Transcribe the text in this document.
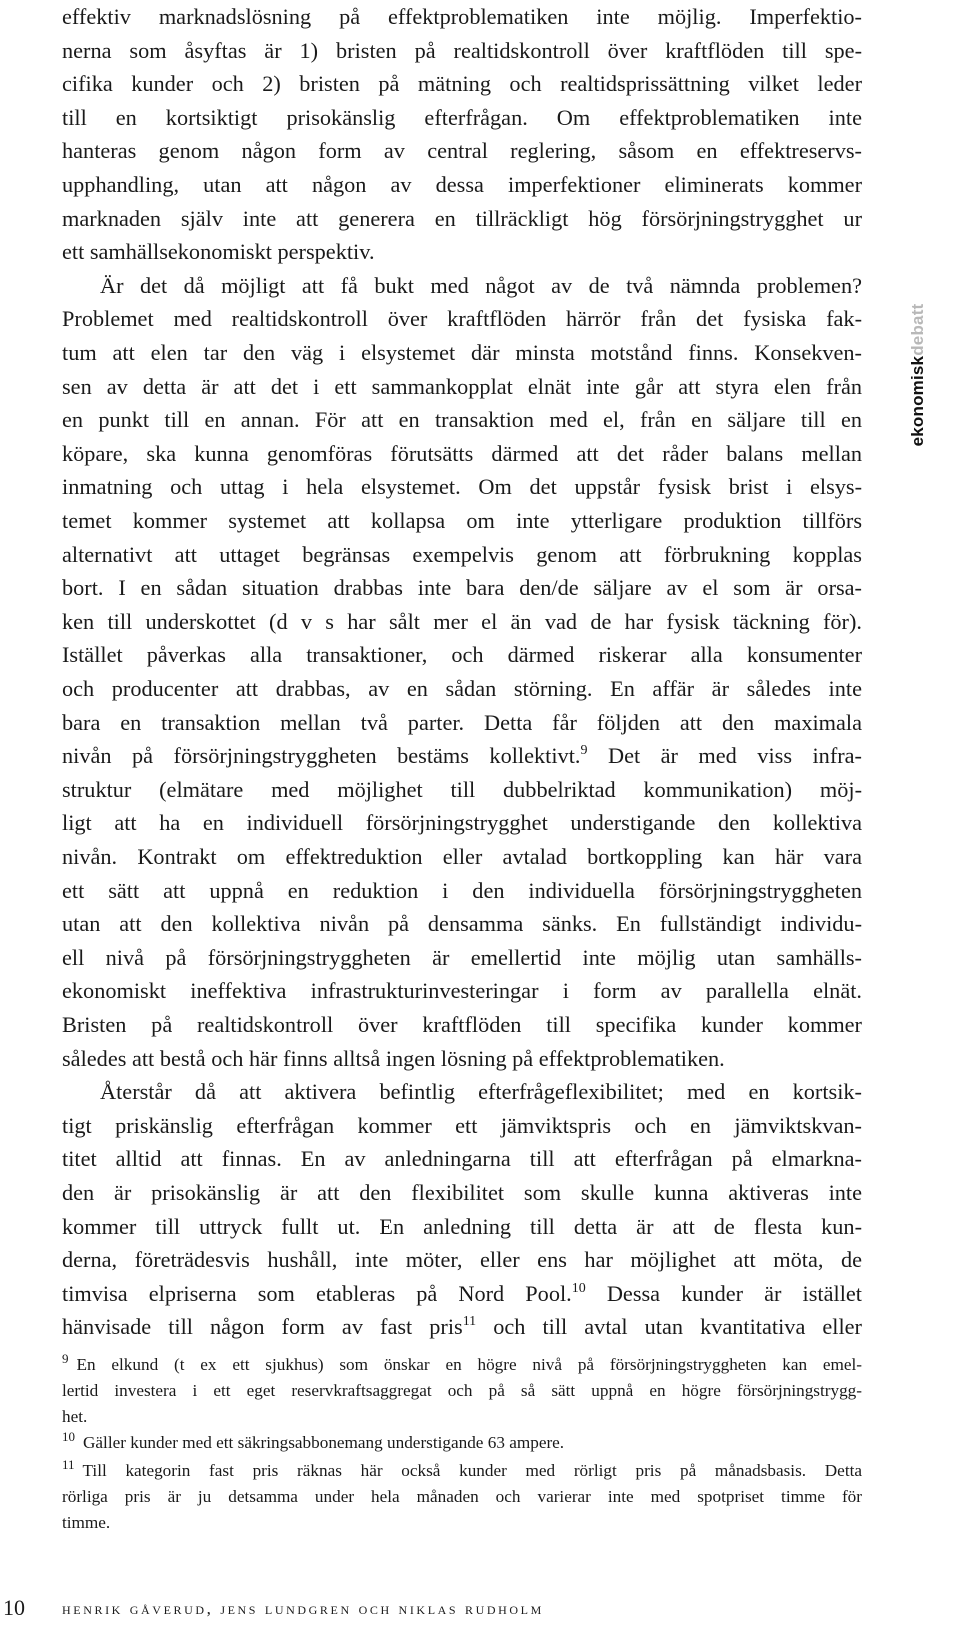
effektiv marknadslösning på effektproblematiken inte möjlig. Imperfektio-
nerna som åsyftas är 1) bristen på realtidskontroll över kraftflöden till spe-
cifika kunder och 2) bristen på mätning och realtidsprissättning vilket leder
till en kortsiktigt prisokänslig efterfrågan. Om effektproblematiken inte
hanteras genom någon form av central reglering, såsom en effektreservs-
upphandling, utan att någon av dessa imperfektioner eliminerats kommer
marknaden själv inte att generera en tillräckligt hög försörjningstrygghet ur
ett samhällsekonomiskt perspektiv.
Är det då möjligt att få bukt med något av de två nämnda problemen?
Problemet med realtidskontroll över kraftflöden härrör från det fysiska fak-
tum att elen tar den väg i elsystemet där minsta motstånd finns. Konsekven-
sen av detta är att det i ett sammankopplat elnät inte går att styra elen från
en punkt till en annan. För att en transaktion med el, från en säljare till en
köpare, ska kunna genomföras förutsätts därmed att det råder balans mellan
inmatning och uttag i hela elsystemet. Om det uppstår fysisk brist i elsys-
temet kommer systemet att kollapsa om inte ytterligare produktion tillförs
alternativt att uttaget begränsas exempelvis genom att förbrukning kopplas
bort. I en sådan situation drabbas inte bara den/de säljare av el som är orsa-
ken till underskottet (d v s har sålt mer el än vad de har fysisk täckning för).
Istället påverkas alla transaktioner, och därmed riskerar alla konsumenter
och producenter att drabbas, av en sådan störning. En affär är således inte
bara en transaktion mellan två parter. Detta får följden att den maximala
nivån på försörjningstryggheten bestäms kollektivt.$^9$ Det är med viss infra-
struktur (elmätare med möjlighet till dubbelriktad kommunikation) möj-
ligt att ha en individuell försörjningstrygghet understigande den kollektiva
nivån. Kontrakt om effektreduktion eller avtalad bortkoppling kan här vara
ett sätt att uppnå en reduktion i den individuella försörjningstryggheten
utan att den kollektiva nivån på densamma sänks. En fullständigt individu-
ell nivå på försörjningstryggheten är emellertid inte möjlig utan samhälls-
ekonomiskt ineffektiva infrastrukturinvesteringar i form av parallella elnät.
Bristen på realtidskontroll över kraftflöden till specifika kunder kommer
således att bestå och här finns alltså ingen lösning på effektproblematiken.
Återstår då att aktivera befintlig efterfrågeflexibilitet; med en kortsik-
tigt priskänslig efterfrågan kommer ett jämviktspris och en jämviktskvan-
titet alltid att finnas. En av anledningarna till att efterfrågan på elmarkna-
den är prisokänslig är att den flexibilitet som skulle kunna aktiveras inte
kommer till uttryck fullt ut. En anledning till detta är att de flesta kun-
derna, företrädesvis hushåll, inte möter, eller ens har möjlighet att möta, de
timvisa elpriserna som etableras på Nord Pool.$^{10}$ Dessa kunder är istället
hänvisade till någon form av fast pris$^{11}$ och till avtal utan kvantitativa eller
$^9$ En elkund (t ex ett sjukhus) som önskar en högre nivå på försörjningstryggheten kan emel-
lertid investera i ett eget reservkraftsaggregat och på så sätt uppnå en högre försörjningstrygg-
het.
$^{10}$ Gäller kunder med ett säkringsabbonemang understigande 63 ampere.
$^{11}$ Till kategorin fast pris räknas här också kunder med rörligt pris på månadsbasis. Detta
rörliga pris är ju detsamma under hela månaden och varierar inte med spotpriset timme för
timme.
ekonomiskdebatt
10 henrik gåverud, jens lundgren och niklas rudholm
